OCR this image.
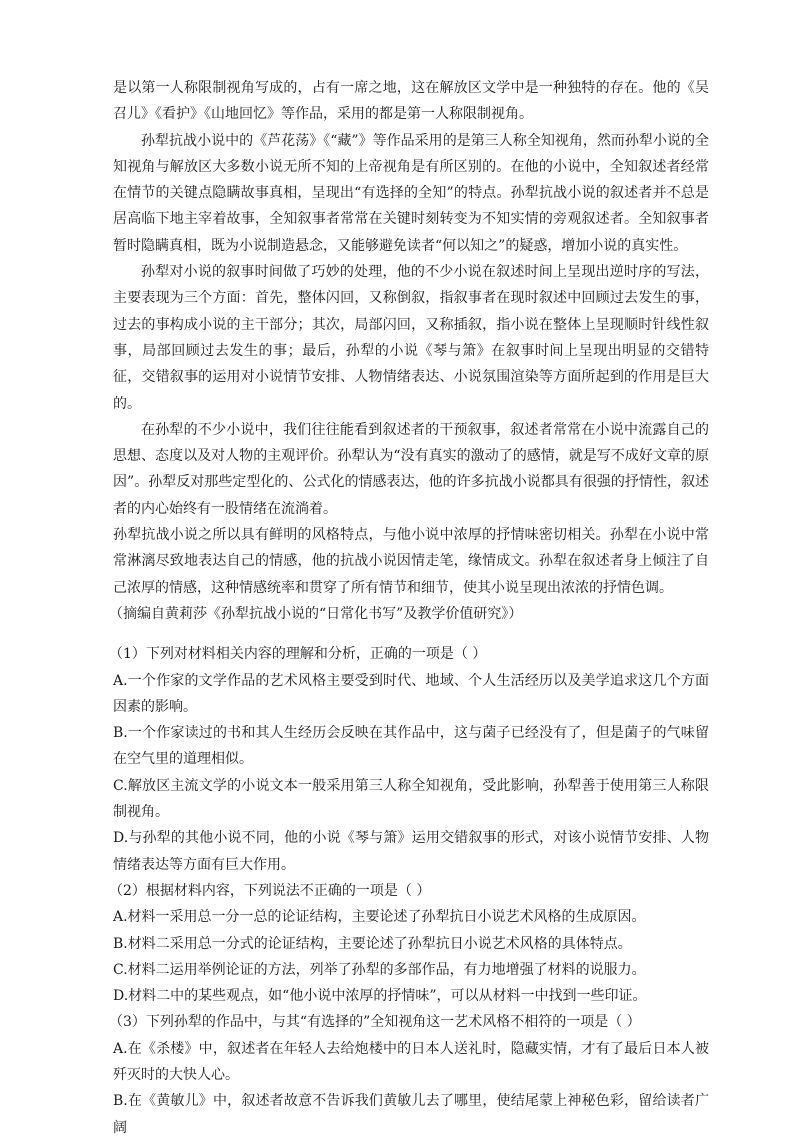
是以第一人称限制视角写成的，占有一席之地，这在解放区文学中是一种独特的存在。他的《吴召儿》《看护》《山地回忆》等作品，采用的都是第一人称限制视角。

孙犁抗战小说中的《芦花荡》《“藏”》等作品采用的是第三人称全知视角，然而孙犁小说的全知视角与解放区大多数小说无所不知的上帝视角是有所区别的。在他的小说中，全知叙述者经常在情节的关键点隐瞒故事真相，呈现出“有选择的全知”的特点。孙犁抗战小说的叙述者并不总是居高临下地主宰着故事，全知叙事者常常在关键时刻转变为不知实情的旁观叙述者。全知叙事者暂时隐瞒真相，既为小说制造悬念，又能够避免读者“何以知之”的疑惑，增加小说的真实性。

孙犁对小说的叙事时间做了巧妙的处理，他的不少小说在叙述时间上呈现出逆时序的写法，主要表现为三个方面：首先，整体闪回，又称倒叙，指叙事者在现时叙述中回顾过去发生的事，过去的事构成小说的主干部分；其次，局部闪回，又称插叙，指小说在整体上呈现顺时针线性叙事，局部回顾过去发生的事；最后，孙犁的小说《琴与箫》在叙事时间上呈现出明显的交错特征，交错叙事的运用对小说情节安排、人物情绪表达、小说氛围渲染等方面所起到的作用是巨大的。

在孙犁的不少小说中，我们往往能看到叙述者的干预叙事，叙述者常常在小说中流露自己的思想、态度以及对人物的主观评价。孙犁认为“没有真实的激动了的感情，就是写不成好文章的原因”。孙犁反对那些定型化的、公式化的情感表达，他的许多抗战小说都具有很强的抒情性，叙述者的内心始终有一股情绪在流淌着。

孙犁抗战小说之所以具有鲜明的风格特点，与他小说中浓厚的抒情味密切相关。孙犁在小说中常常淋漓尽致地表达自己的情感，他的抗战小说因情走笔，缘情成文。孙犁在叙述者身上倾注了自己浓厚的情感，这种情感统率和贯穿了所有情节和细节，使其小说呈现出浓浓的抒情色调。

（摘编自黄莉莎《孙犁抗战小说的“日常化书写”及教学价值研究》）

（1）下列对材料相关内容的理解和分析，正确的一项是（ ）

A.一个作家的文学作品的艺术风格主要受到时代、地域、个人生活经历以及美学追求这几个方面因素的影响。

B.一个作家读过的书和其人生经历会反映在其作品中，这与菌子已经没有了，但是菌子的气味留在空气里的道理相似。

C.解放区主流文学的小说文本一般采用第三人称全知视角，受此影响，孙犁善于使用第三人称限制视角。

D.与孙犁的其他小说不同，他的小说《琴与箫》运用交错叙事的形式，对该小说情节安排、人物情绪表达等方面有巨大作用。

（2）根据材料内容，下列说法不正确的一项是（ ）

A.材料一采用总一分一总的论证结构，主要论述了孙犁抗日小说艺术风格的生成原因。

B.材料二采用总一分式的论证结构，主要论述了孙犁抗日小说艺术风格的具体特点。

C.材料二运用举例论证的方法，列举了孙犁的多部作品，有力地增强了材料的说服力。

D.材料二中的某些观点，如“他小说中浓厚的抒情味”，可以从材料一中找到一些印证。

（3）下列孙犁的作品中，与其“有选择的”全知视角这一艺术风格不相符的一项是（ ）

A.在《杀楼》中，叙述者在年轻人去给炮楼中的日本人送礼时，隐藏实情，才有了最后日本人被歼灭时的大快人心。

B.在《黄敏儿》中，叙述者故意不告诉我们黄敏儿去了哪里，使结尾蒙上神秘色彩，留给读者广阔
